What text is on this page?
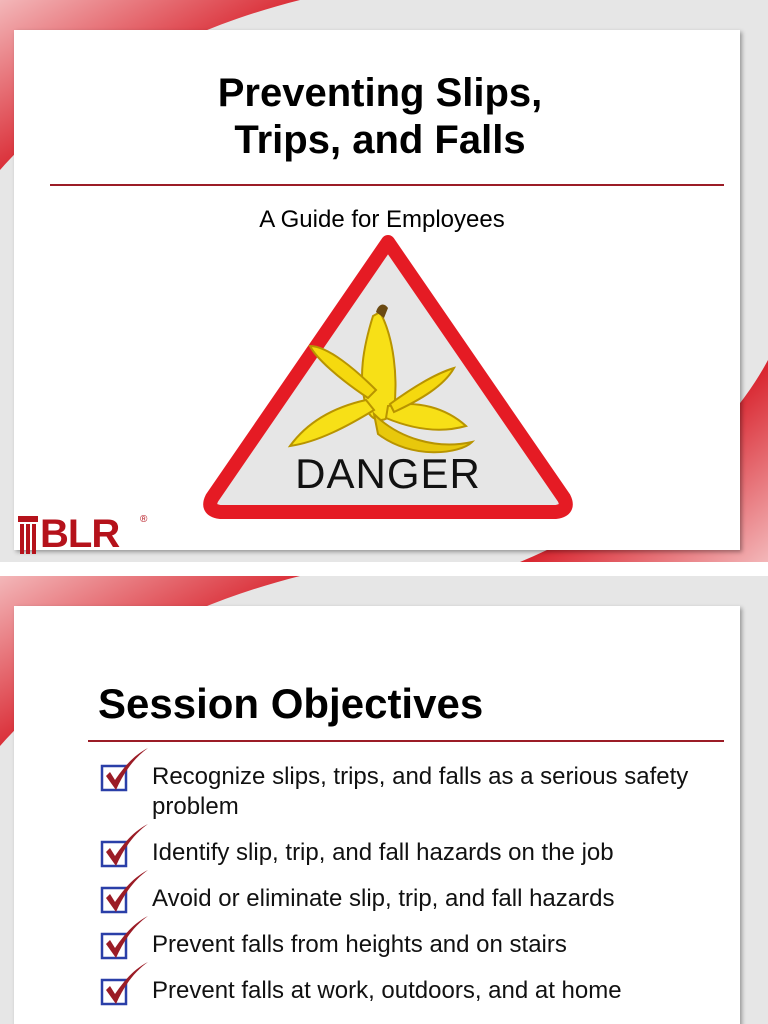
Preventing Slips,
Trips, and Falls
A Guide for Employees
DANGER
BLR ®
Session Objectives
Recognize slips, trips, and falls as a serious safety problem
Identify slip, trip, and fall hazards on the job
Avoid or eliminate slip, trip, and fall hazards
Prevent falls from heights and on stairs
Prevent falls at work, outdoors, and at home
